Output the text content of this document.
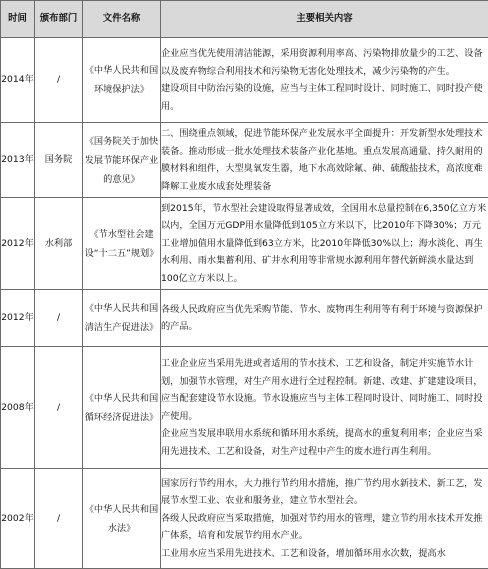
时间	颁布部门	文件名称	主要相关内容
2014年	/	《中华人民共和国环境保护法》	企业应当优先使用清洁能源，采用资源利用率高、污染物排放量少的工艺、设备以及废弃物综合利用技术和污染物无害化处理技术，减少污染物的产生。

建设项目中防治污染的设施，应当与主体工程同时设计、同时施工、同时投产使用。

2013年	国务院	《国务院关于加快发展节能环保产业的意见》	二、围绕重点领域，促进节能环保产业发展水平全面提升：开发新型水处理技术装备。推动形成一批水处理技术装备产业化基地。重点发展高通量、持久耐用的膜材料和组件，大型臭氧发生器，地下水高效除氟、砷、硫酸盐技术，高浓度难降解工业废水成套处理装备

2012年	水利部	《节水型社会建设“十二五”规划》	到2015年，节水型社会建设取得显著成效，全国用水总量控制在6,350亿立方米以内，全国万元GDP用水量降低到105立方米以下，比2010年下降30%；万元工业增加值用水量降低到63立方米，比2010年降低30%以上；海水淡化、再生水利用、雨水集蓄利用、矿井水利用等非常规水源利用年替代新鲜淡水量达到100亿立方米以上。

2012年	/	《中华人民共和国清洁生产促进法》	各级人民政府应当优先采购节能、节水、废物再生利用等有利于环境与资源保护的产品。

2008年	/	《中华人民共和国循环经济促进法》	工业企业应当采用先进或者适用的节水技术、工艺和设备，制定并实施节水计划，加强节水管理，对生产用水进行全过程控制。新建、改建、扩建建设项目，应当配套建设节水设施。节水设施应当与主体工程同时设计、同时施工、同时投产使用。

企业应当发展串联用水系统和循环用水系统，提高水的重复利用率；企业应当采用先进技术、工艺和设备，对生产过程中产生的废水进行再生利用。

2002年	/	《中华人民共和国水法》	国家厉行节约用水，大力推行节约用水措施，推广节约用水新技术、新工艺，发展节水型工业、农业和服务业，建立节水型社会。

各级人民政府应当采取措施，加强对节约用水的管理，建立节约用水技术开发推广体系，培育和发展节约用水产业。

工业用水应当采用先进技术、工艺和设备，增加循环用水次数，提高水
